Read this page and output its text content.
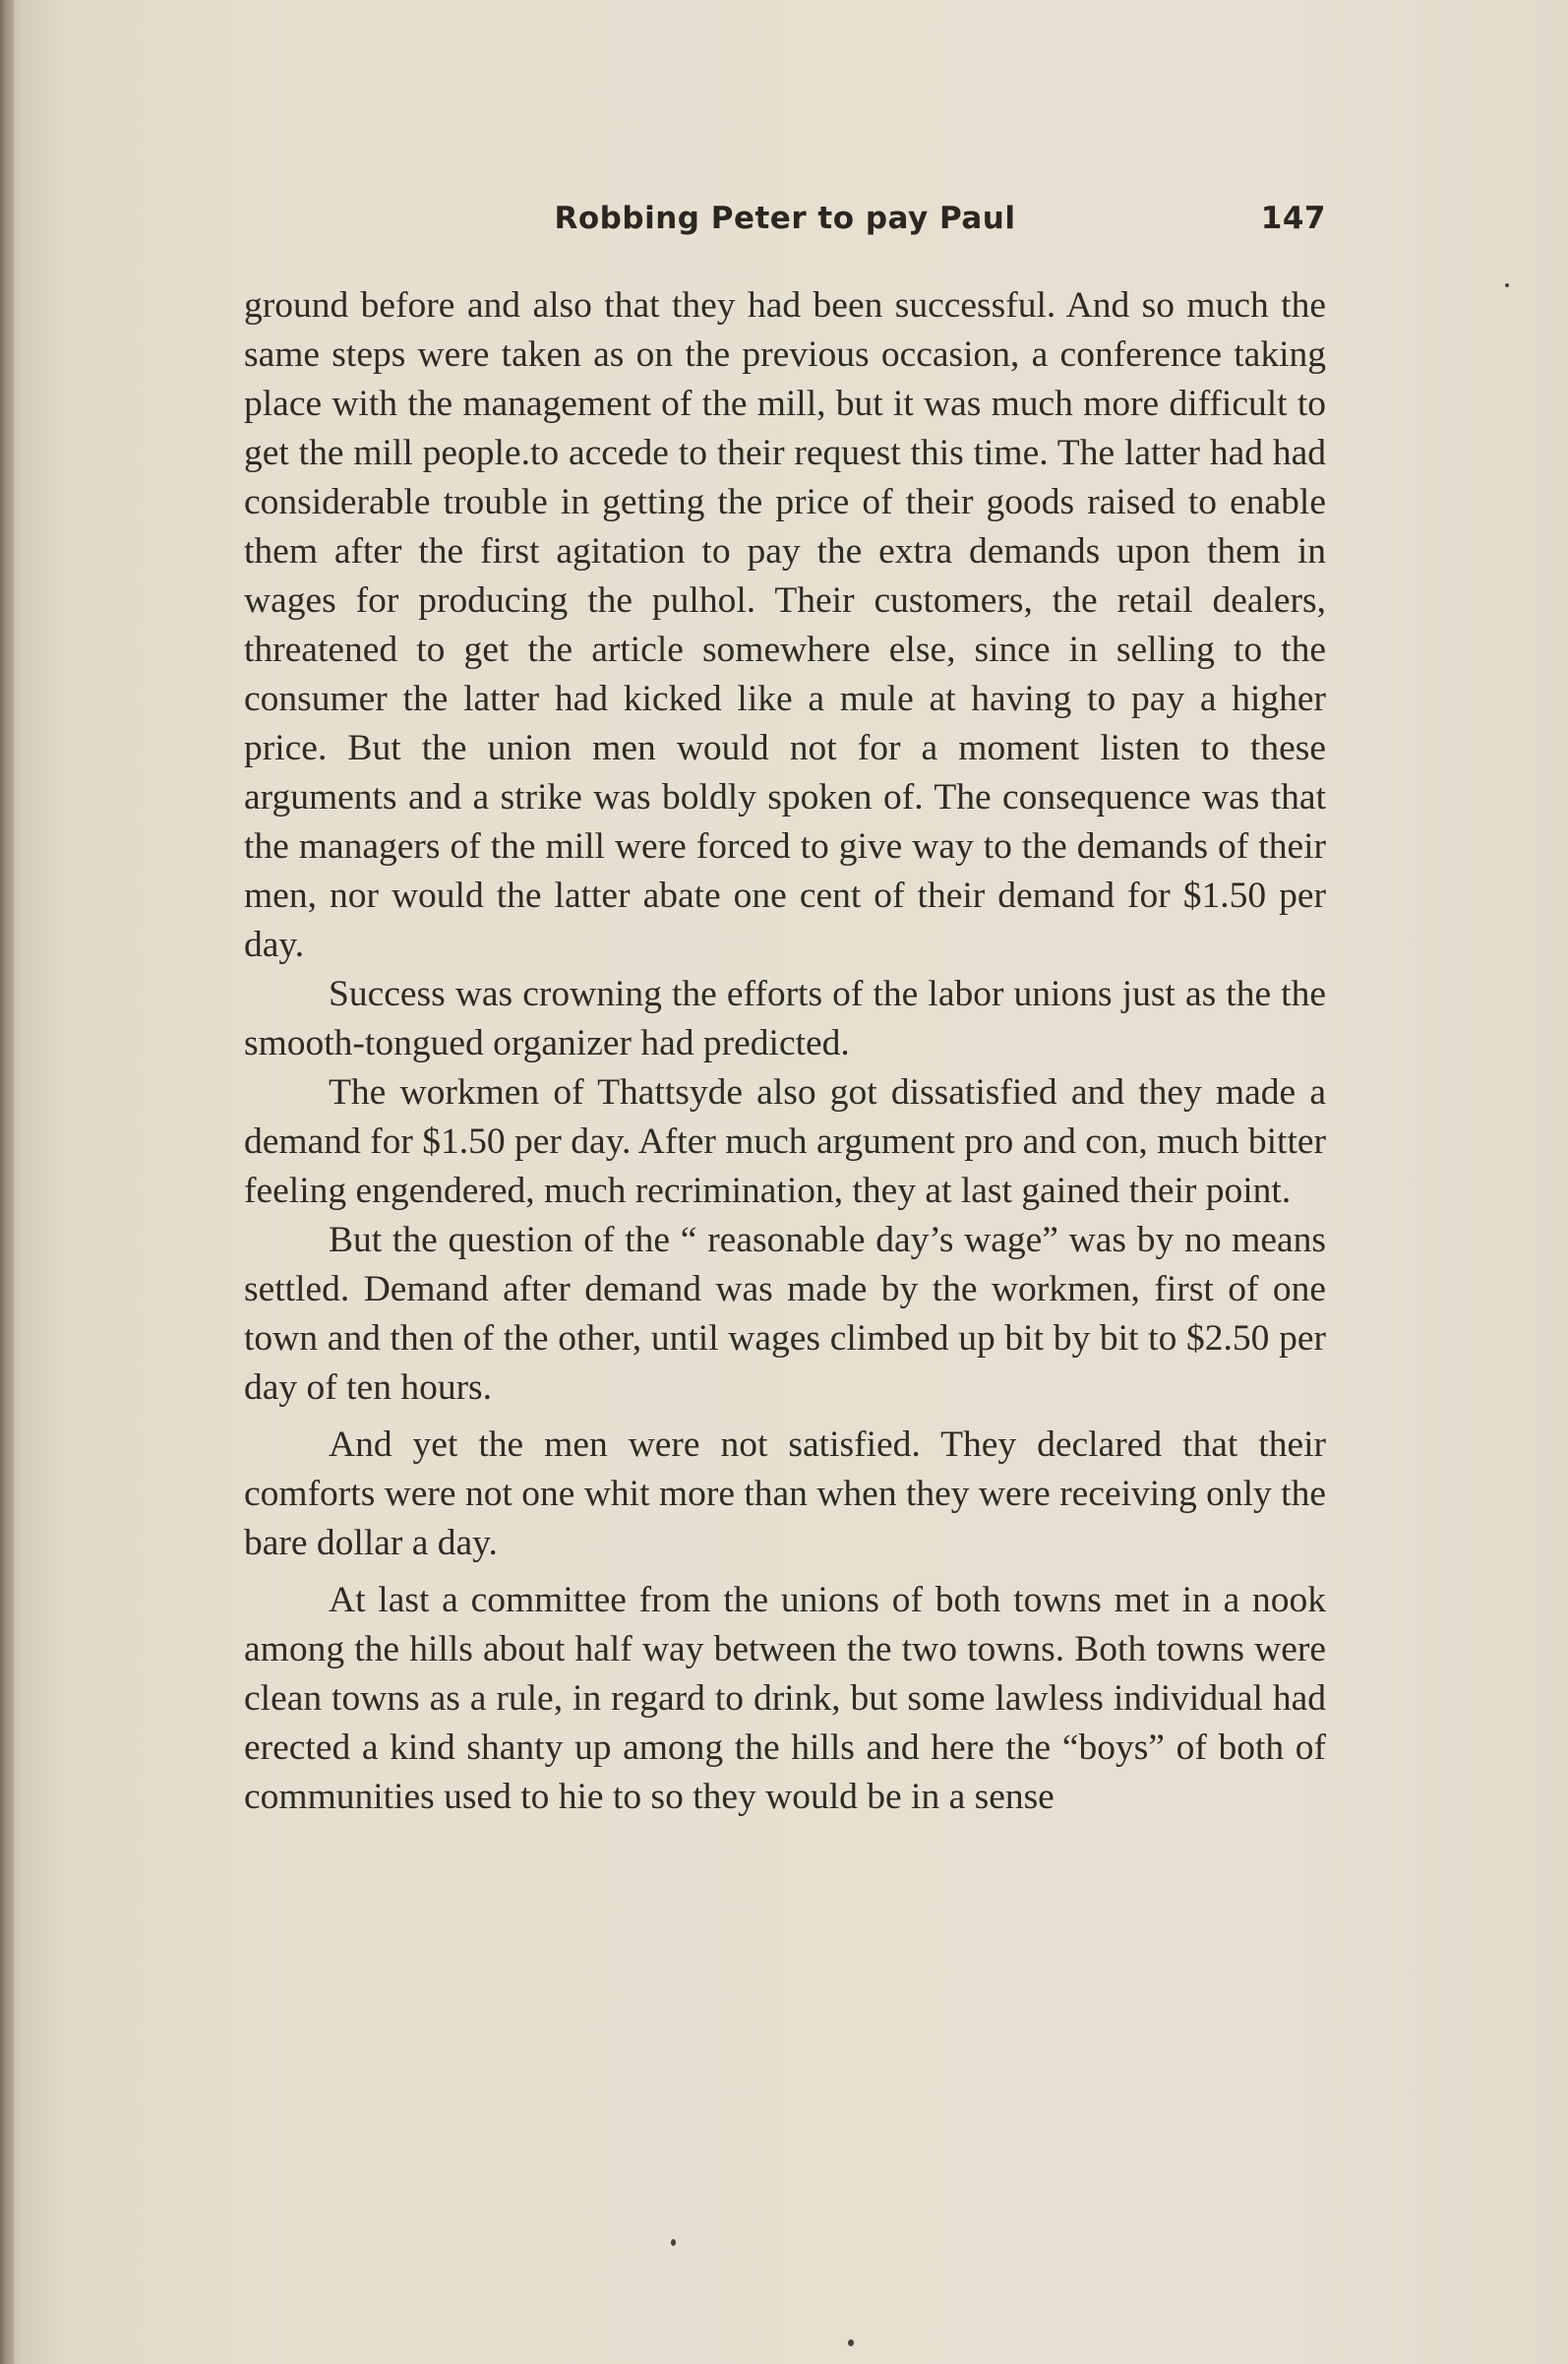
Robbing Peter to pay Paul	147

ground before and also that they had been successful. And so much the same steps were taken as on the previous occasion, a conference taking place with the management of the mill, but it was much more difficult to get the mill people.to accede to their request this time. The latter had had considerable trouble in getting the price of their goods raised to enable them after the first agitation to pay the extra demands upon them in wages for producing the pulhol. Their customers, the retail dealers, threatened to get the article somewhere else, since in selling to the consumer the latter had kicked like a mule at having to pay a higher price. But the union men would not for a moment listen to these arguments and a strike was boldly spoken of. The consequence was that the managers of the mill were forced to give way to the demands of their men, nor would the latter abate one cent of their demand for $1.50 per day.

Success was crowning the efforts of the labor unions just as the the smooth-tongued organizer had predicted.

The workmen of Thattsyde also got dissatisfied and they made a demand for $1.50 per day. After much argument pro and con, much bitter feeling engendered, much recrimination, they at last gained their point.

But the question of the “ reasonable day’s wage” was by no means settled. Demand after demand was made by the workmen, first of one town and then of the other, until wages climbed up bit by bit to $2.50 per day of ten hours.

And yet the men were not satisfied. They declared that their comforts were not one whit more than when they were receiving only the bare dollar a day.

At last a committee from the unions of both towns met in a nook among the hills about half way between the two towns. Both towns were clean towns as a rule, in regard to drink, but some lawless individual had erected a kind shanty up among the hills and here the “boys” of both of communities used to hie to so they would be in a sense
